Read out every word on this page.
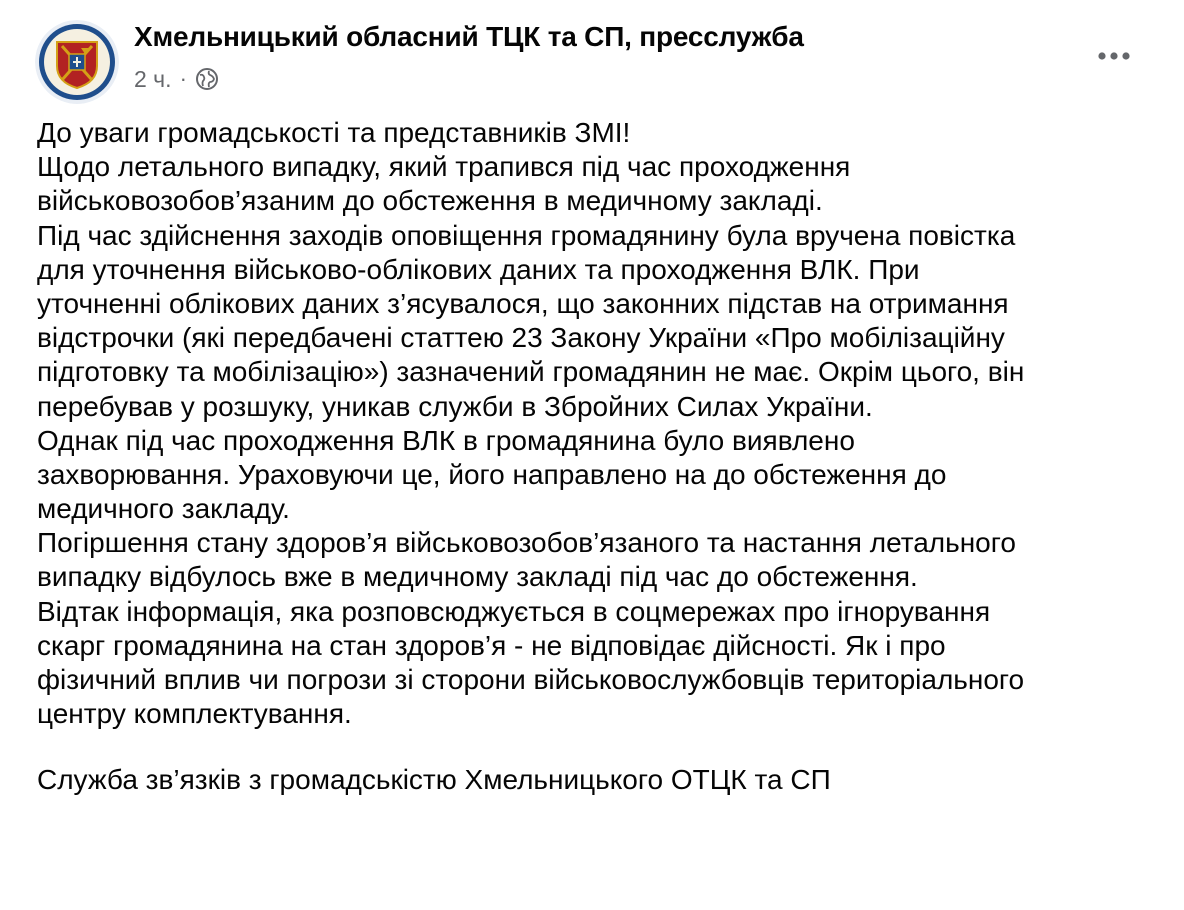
Хмельницький обласний ТЦК та СП, пресслужба
2 ч. ·
До уваги громадськості та представників ЗМІ!
Щодо летального випадку, який трапився під час проходження
військовозобов’язаним до обстеження в медичному закладі.
Під час здійснення заходів оповіщення громадянину була вручена повістка
для уточнення військово-облікових даних та проходження ВЛК. При
уточненні облікових даних з’ясувалося, що законних підстав на отримання
відстрочки (які передбачені статтею 23 Закону України «Про мобілізаційну
підготовку та мобілізацію») зазначений громадянин не має. Окрім цього, він
перебував у розшуку, уникав служби в Збройних Силах України.
Однак під час проходження ВЛК в громадянина було виявлено
захворювання. Ураховуючи це, його направлено на до обстеження до
медичного закладу.
Погіршення стану здоров’я військовозобов’язаного та настання летального
випадку відбулось вже в медичному закладі під час до обстеження.
Відтак інформація, яка розповсюджується в соцмережах про ігнорування
скарг громадянина на стан здоров’я - не відповідає дійсності. Як і про
фізичний вплив чи погрози зі сторони військовослужбовців територіального
центру комплектування.
Служба зв’язків з громадськістю Хмельницького ОТЦК та СП
